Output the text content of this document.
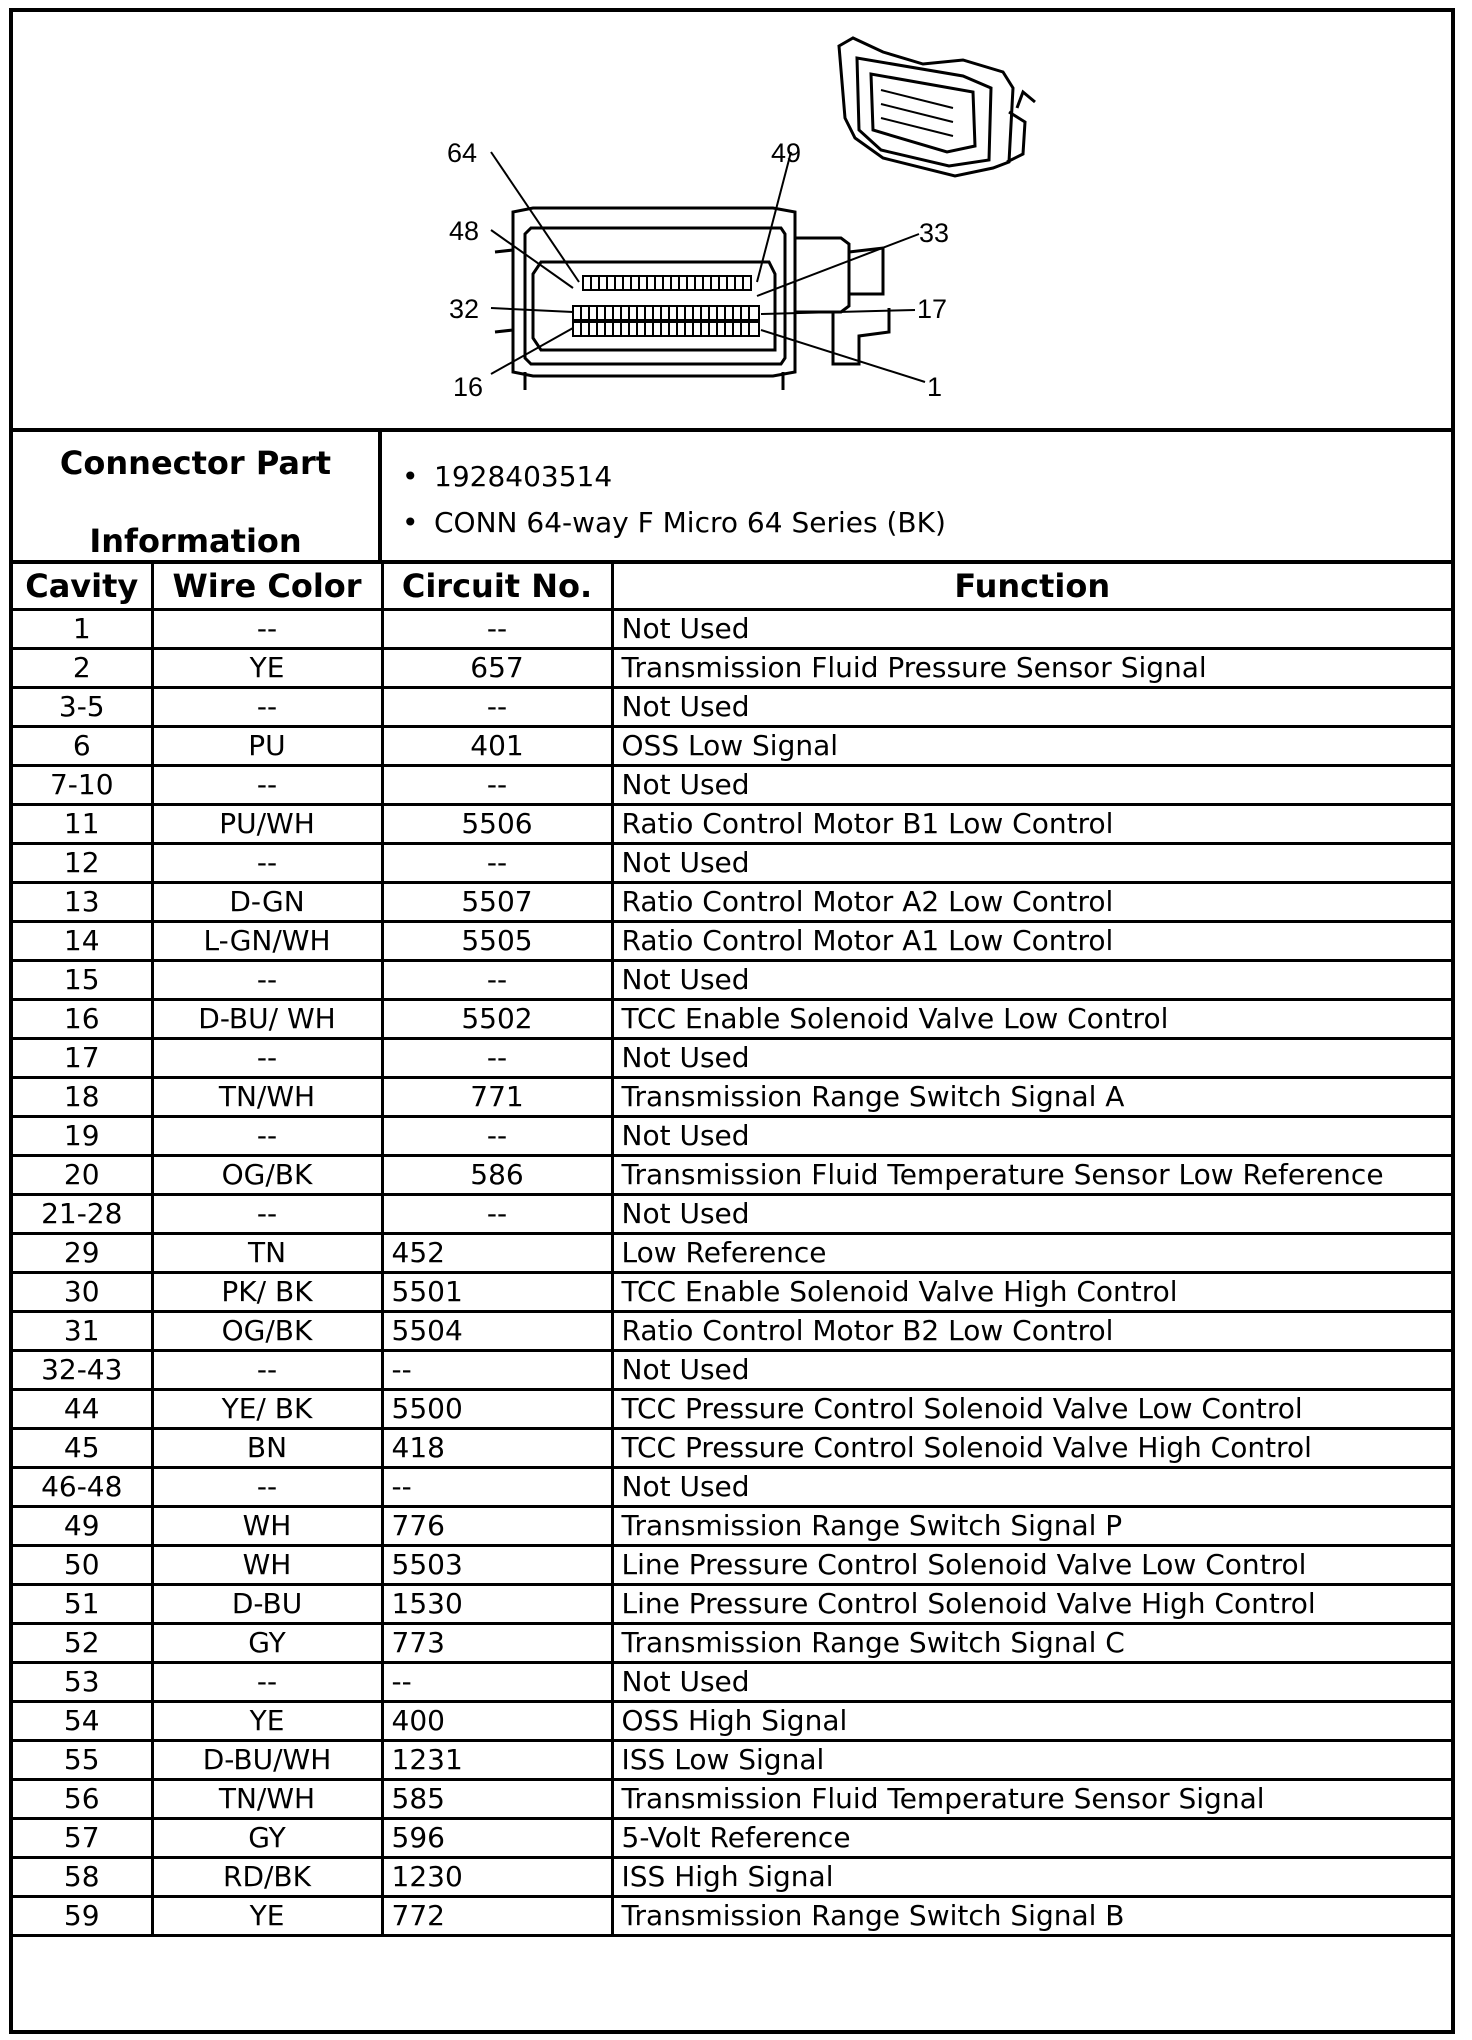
64	49
48	33
32	17
16	1
Connector Part
Information
• 1928403514
• CONN 64-way F Micro 64 Series (BK)
Cavity	Wire Color	Circuit No.	Function
1	--	--	Not Used
2	YE	657	Transmission Fluid Pressure Sensor Signal
3-5	--	--	Not Used
6	PU	401	OSS Low Signal
7-10	--	--	Not Used
11	PU/WH	5506	Ratio Control Motor B1 Low Control
12	--	--	Not Used
13	D-GN	5507	Ratio Control Motor A2 Low Control
14	L-GN/WH	5505	Ratio Control Motor A1 Low Control
15	--	--	Not Used
16	D-BU/ WH	5502	TCC Enable Solenoid Valve Low Control
17	--	--	Not Used
18	TN/WH	771	Transmission Range Switch Signal A
19	--	--	Not Used
20	OG/BK	586	Transmission Fluid Temperature Sensor Low Reference
21-28	--	--	Not Used
29	TN	452	Low Reference
30	PK/ BK	5501	TCC Enable Solenoid Valve High Control
31	OG/BK	5504	Ratio Control Motor B2 Low Control
32-43	--	--	Not Used
44	YE/ BK	5500	TCC Pressure Control Solenoid Valve Low Control
45	BN	418	TCC Pressure Control Solenoid Valve High Control
46-48	--	--	Not Used
49	WH	776	Transmission Range Switch Signal P
50	WH	5503	Line Pressure Control Solenoid Valve Low Control
51	D-BU	1530	Line Pressure Control Solenoid Valve High Control
52	GY	773	Transmission Range Switch Signal C
53	--	--	Not Used
54	YE	400	OSS High Signal
55	D-BU/WH	1231	ISS Low Signal
56	TN/WH	585	Transmission Fluid Temperature Sensor Signal
57	GY	596	5-Volt Reference
58	RD/BK	1230	ISS High Signal
59	YE	772	Transmission Range Switch Signal B
